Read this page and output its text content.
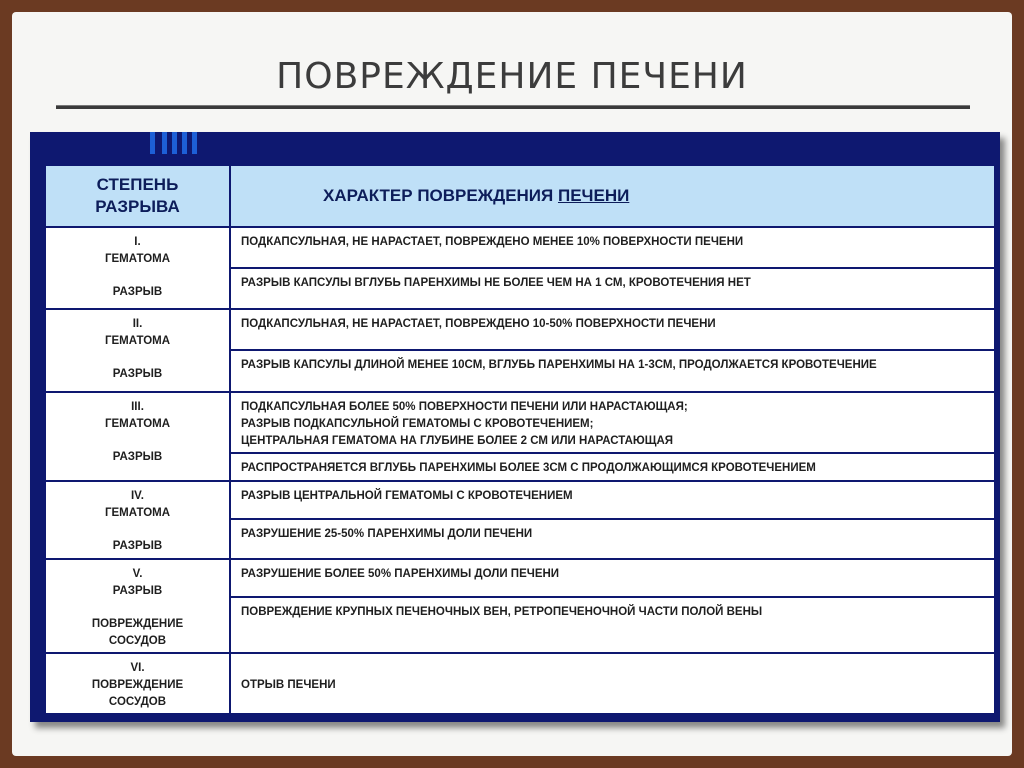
ПОВРЕЖДЕНИЕ ПЕЧЕНИ
СТЕПЕНЬ
РАЗРЫВА	ХАРАКТЕР ПОВРЕЖДЕНИЯ ПЕЧЕНИ
I.
ГЕМАТОМА
РАЗРЫВ	ПОДКАПСУЛЬНАЯ, НЕ НАРАСТАЕТ, ПОВРЕЖДЕНО МЕНЕЕ 10% ПОВЕРХНОСТИ ПЕЧЕНИ
	РАЗРЫВ КАПСУЛЫ ВГЛУБЬ ПАРЕНХИМЫ НЕ БОЛЕЕ ЧЕМ НА 1 СМ, КРОВОТЕЧЕНИЯ НЕТ
II.
ГЕМАТОМА
РАЗРЫВ	ПОДКАПСУЛЬНАЯ, НЕ НАРАСТАЕТ, ПОВРЕЖДЕНО 10-50% ПОВЕРХНОСТИ ПЕЧЕНИ
	РАЗРЫВ КАПСУЛЫ ДЛИНОЙ МЕНЕЕ 10СМ, ВГЛУБЬ ПАРЕНХИМЫ НА 1-3СМ, ПРОДОЛЖАЕТСЯ КРОВОТЕЧЕНИЕ
III.
ГЕМАТОМА
РАЗРЫВ	ПОДКАПСУЛЬНАЯ БОЛЕЕ 50% ПОВЕРХНОСТИ ПЕЧЕНИ ИЛИ НАРАСТАЮЩАЯ;
РАЗРЫВ ПОДКАПСУЛЬНОЙ ГЕМАТОМЫ С КРОВОТЕЧЕНИЕМ;
ЦЕНТРАЛЬНАЯ ГЕМАТОМА НА ГЛУБИНЕ БОЛЕЕ 2 СМ ИЛИ НАРАСТАЮЩАЯ
	РАСПРОСТРАНЯЕТСЯ ВГЛУБЬ ПАРЕНХИМЫ БОЛЕЕ 3СМ С ПРОДОЛЖАЮЩИМСЯ КРОВОТЕЧЕНИЕМ
IV.
ГЕМАТОМА
РАЗРЫВ	РАЗРЫВ ЦЕНТРАЛЬНОЙ ГЕМАТОМЫ С КРОВОТЕЧЕНИЕМ
	РАЗРУШЕНИЕ 25-50% ПАРЕНХИМЫ ДОЛИ ПЕЧЕНИ
V.
РАЗРЫВ
ПОВРЕЖДЕНИЕ
СОСУДОВ	РАЗРУШЕНИЕ БОЛЕЕ 50% ПАРЕНХИМЫ ДОЛИ ПЕЧЕНИ
	ПОВРЕЖДЕНИЕ КРУПНЫХ ПЕЧЕНОЧНЫХ ВЕН, РЕТРОПЕЧЕНОЧНОЙ ЧАСТИ ПОЛОЙ ВЕНЫ
VI.
ПОВРЕЖДЕНИЕ
СОСУДОВ	ОТРЫВ ПЕЧЕНИ
